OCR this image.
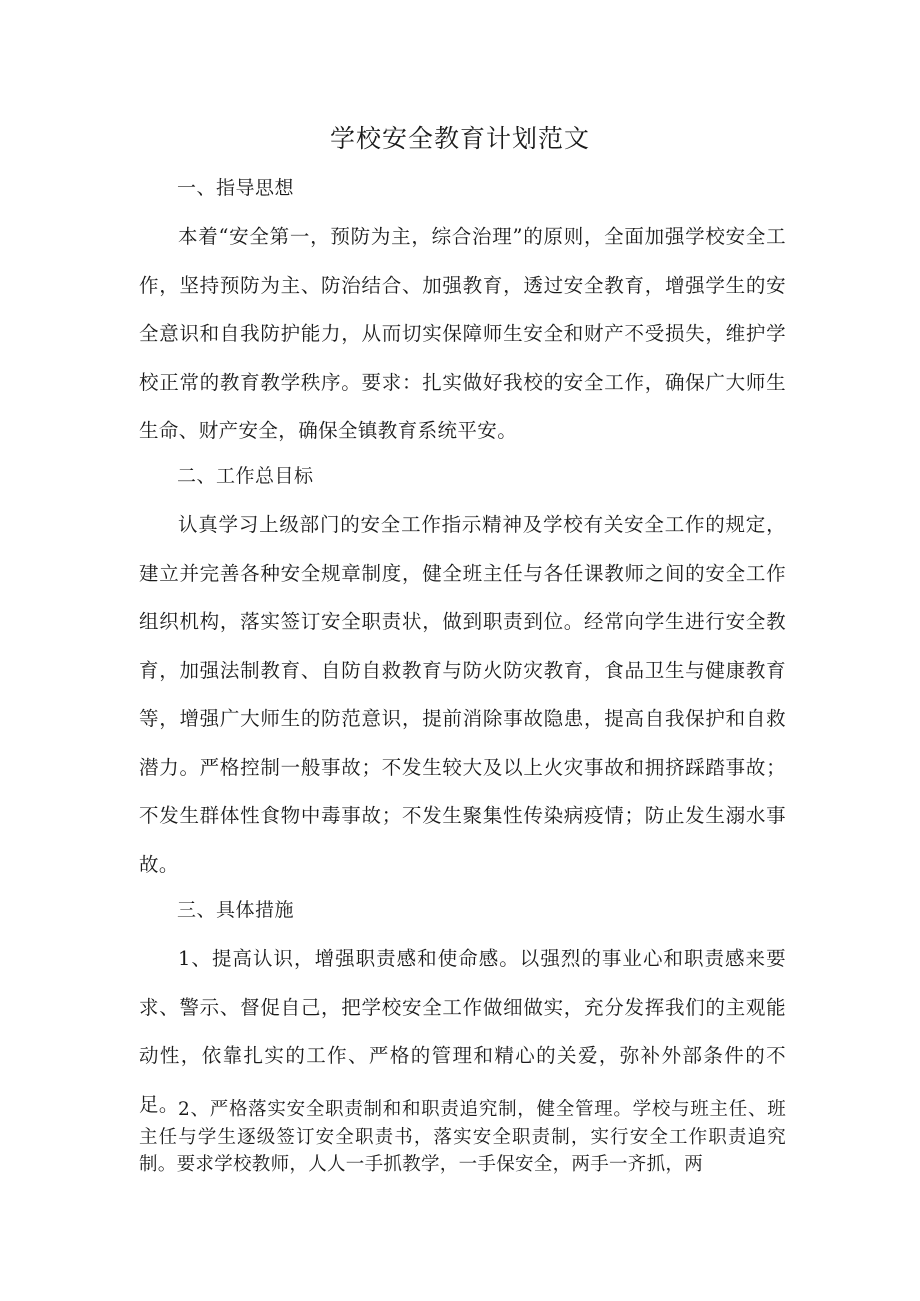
学校安全教育计划范文
一、指导思想

本着“安全第一，预防为主，综合治理”的原则，全面加强学校安全工作，坚持预防为主、防治结合、加强教育，透过安全教育，增强学生的安全意识和自我防护能力，从而切实保障师生安全和财产不受损失，维护学校正常的教育教学秩序。要求：扎实做好我校的安全工作，确保广大师生生命、财产安全，确保全镇教育系统平安。

二、工作总目标

认真学习上级部门的安全工作指示精神及学校有关安全工作的规定，建立并完善各种安全规章制度，健全班主任与各任课教师之间的安全工作组织机构，落实签订安全职责状，做到职责到位。经常向学生进行安全教育，加强法制教育、自防自救教育与防火防灾教育，食品卫生与健康教育等，增强广大师生的防范意识，提前消除事故隐患，提高自我保护和自救潜力。严格控制一般事故；不发生较大及以上火灾事故和拥挤踩踏事故；不发生群体性食物中毒事故；不发生聚集性传染病疫情；防止发生溺水事故。

三、具体措施

1、提高认识，增强职责感和使命感。以强烈的事业心和职责感来要求、警示、督促自己，把学校安全工作做细做实，充分发挥我们的主观能动性，依靠扎实的工作、严格的管理和精心的关爱，弥补外部条件的不足。 2、严格落实安全职责制和和职责追究制，健全管理。学校与班主任、班主任与学生逐级签订安全职责书，落实安全职责制，实行安全工作职责追究制。要求学校教师，人人一手抓教学，一手保安全，两手一齐抓，两
